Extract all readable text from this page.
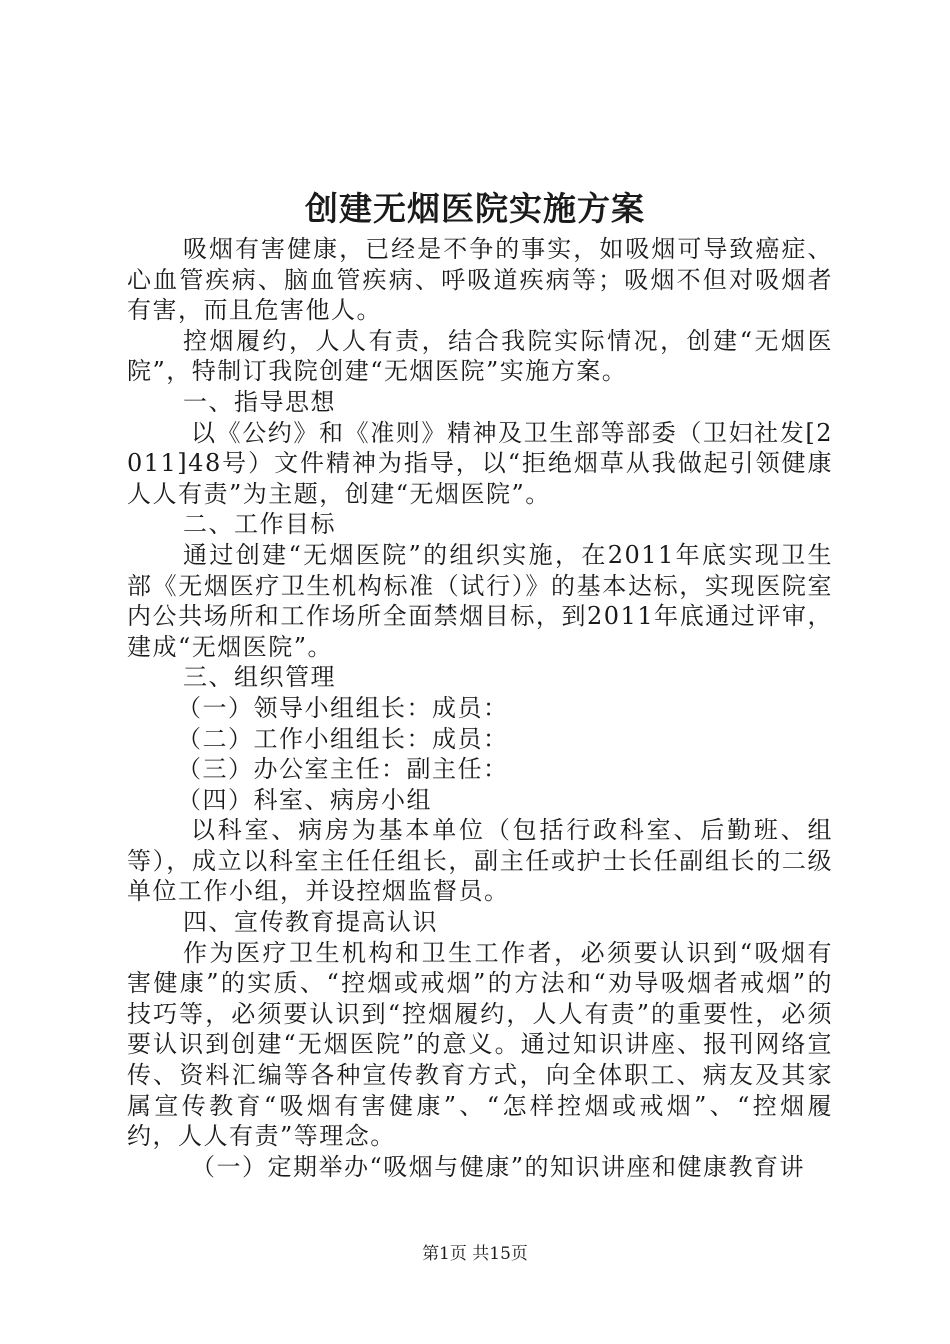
创建无烟医院实施方案

吸烟有害健康，已经是不争的事实，如吸烟可导致癌症、心血管疾病、脑血管疾病、呼吸道疾病等；吸烟不但对吸烟者有害，而且危害他人。

控烟履约，人人有责，结合我院实际情况，创建“无烟医院”，特制订我院创建“无烟医院”实施方案。

一、指导思想

以《公约》和《准则》精神及卫生部等部委（卫妇社发[2011]48号）文件精神为指导，以“拒绝烟草从我做起引领健康人人有责”为主题，创建“无烟医院”。

二、工作目标

通过创建“无烟医院”的组织实施，在2011年底实现卫生部《无烟医疗卫生机构标准（试行）》的基本达标，实现医院室内公共场所和工作场所全面禁烟目标，到2011年底通过评审，建成“无烟医院”。

三、组织管理

（一）领导小组组长：成员：

（二）工作小组组长：成员：

（三）办公室主任：副主任：

（四）科室、病房小组

以科室、病房为基本单位（包括行政科室、后勤班、组等），成立以科室主任任组长，副主任或护士长任副组长的二级单位工作小组，并设控烟监督员。

四、宣传教育提高认识

作为医疗卫生机构和卫生工作者，必须要认识到“吸烟有害健康”的实质、“控烟或戒烟”的方法和“劝导吸烟者戒烟”的技巧等，必须要认识到“控烟履约，人人有责”的重要性，必须要认识到创建“无烟医院”的意义。通过知识讲座、报刊网络宣传、资料汇编等各种宣传教育方式，向全体职工、病友及其家属宣传教育“吸烟有害健康”、“怎样控烟或戒烟”、“控烟履约，人人有责”等理念。

（一）定期举办“吸烟与健康”的知识讲座和健康教育讲

第1页 共15页
